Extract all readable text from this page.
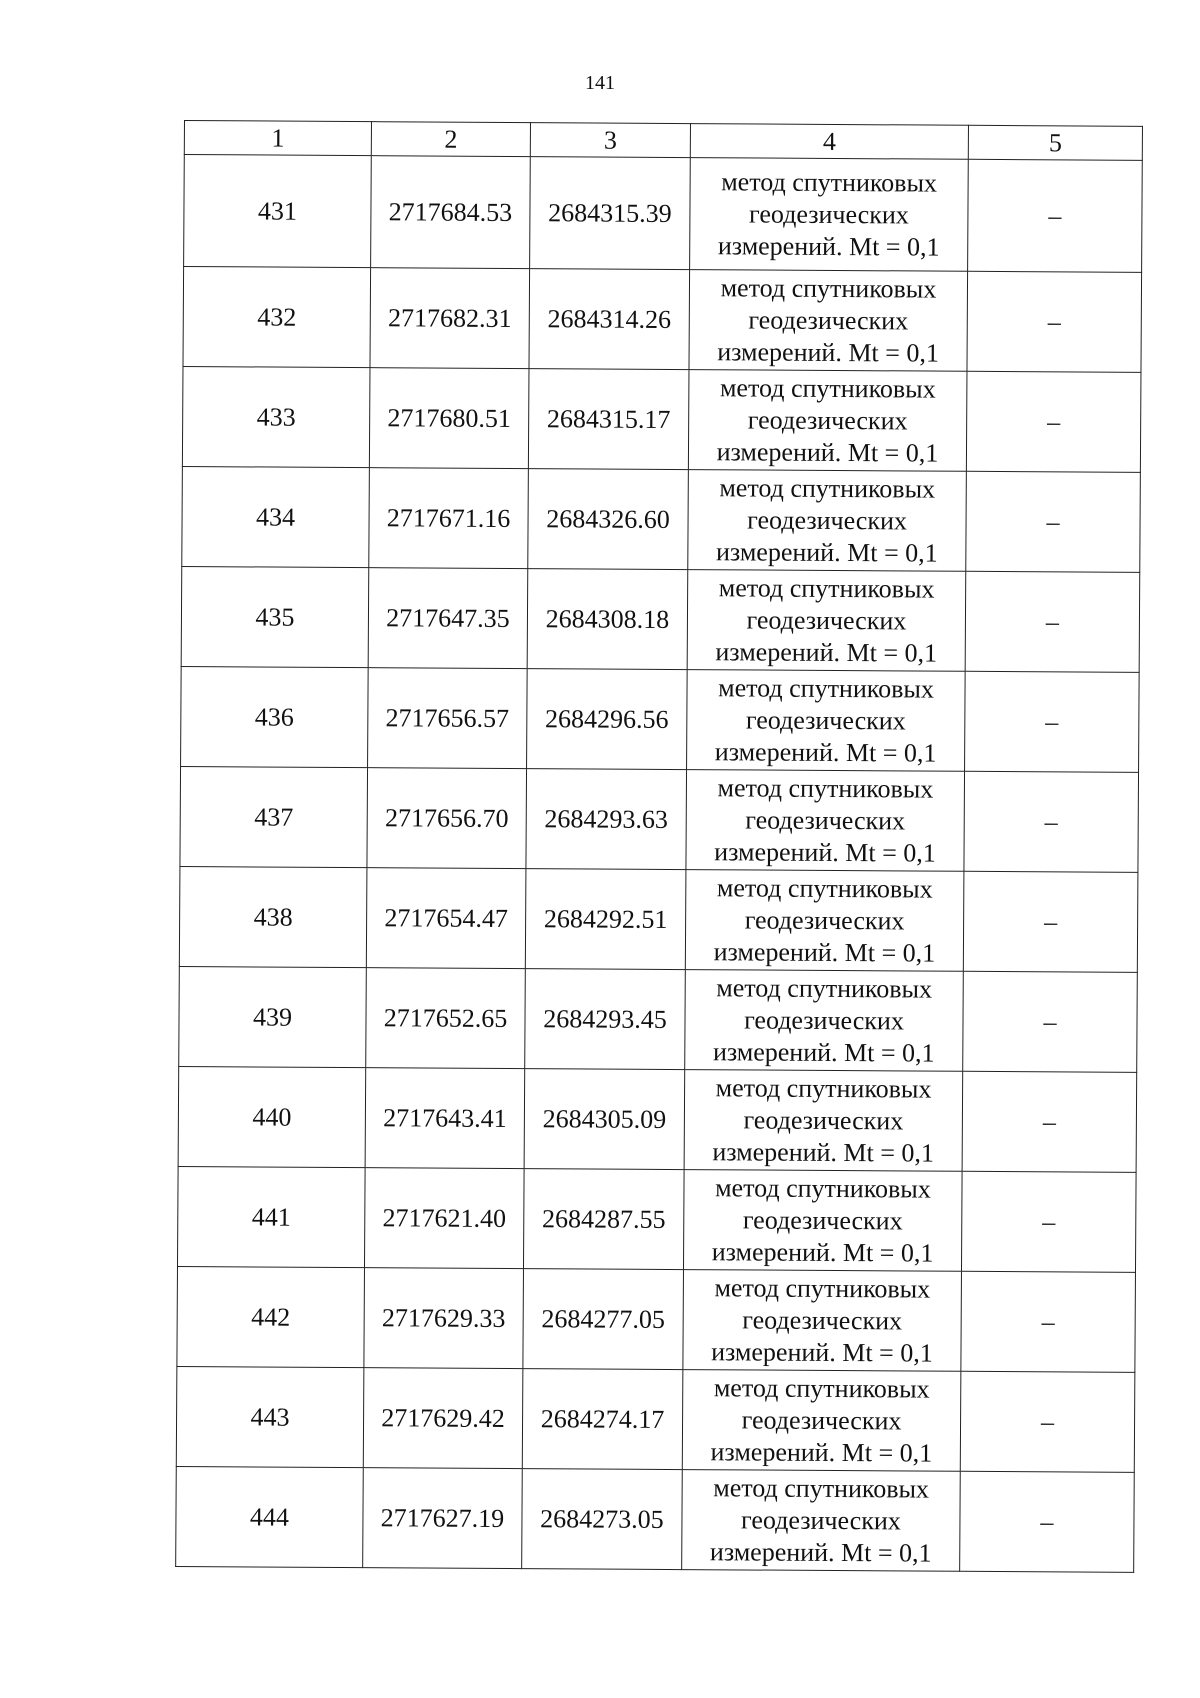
141
1	2	3	4	5
431	2717684.53	2684315.39	метод спутниковых
геодезических
измерений. Mt = 0,1	–
432	2717682.31	2684314.26	метод спутниковых
геодезических
измерений. Mt = 0,1	–
433	2717680.51	2684315.17	метод спутниковых
геодезических
измерений. Mt = 0,1	–
434	2717671.16	2684326.60	метод спутниковых
геодезических
измерений. Mt = 0,1	–
435	2717647.35	2684308.18	метод спутниковых
геодезических
измерений. Mt = 0,1	–
436	2717656.57	2684296.56	метод спутниковых
геодезических
измерений. Mt = 0,1	–
437	2717656.70	2684293.63	метод спутниковых
геодезических
измерений. Mt = 0,1	–
438	2717654.47	2684292.51	метод спутниковых
геодезических
измерений. Mt = 0,1	–
439	2717652.65	2684293.45	метод спутниковых
геодезических
измерений. Mt = 0,1	–
440	2717643.41	2684305.09	метод спутниковых
геодезических
измерений. Mt = 0,1	–
441	2717621.40	2684287.55	метод спутниковых
геодезических
измерений. Mt = 0,1	–
442	2717629.33	2684277.05	метод спутниковых
геодезических
измерений. Mt = 0,1	–
443	2717629.42	2684274.17	метод спутниковых
геодезических
измерений. Mt = 0,1	–
444	2717627.19	2684273.05	метод спутниковых
геодезических
измерений. Mt = 0,1	–
